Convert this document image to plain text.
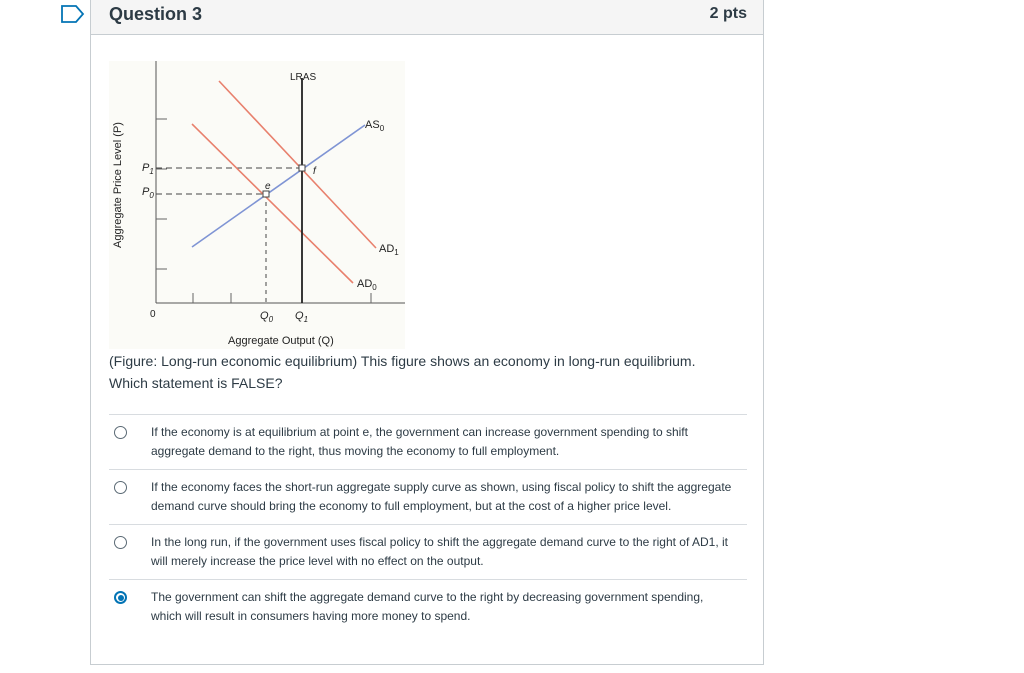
Question 3	2 pts
LRAS
$AS_0$
$AD_1$
$AD_0$
$P_1$
$P_0$
$Q_0$ $Q_1$
e
f
0
Aggregate Output (Q)
Aggregate Price Level (P)
(Figure: Long-run economic equilibrium) This figure shows an economy in long-run equilibrium.
Which statement is FALSE?
If the economy is at equilibrium at point e, the government can increase government spending to shift aggregate demand to the right, thus moving the economy to full employment.
If the economy faces the short-run aggregate supply curve as shown, using fiscal policy to shift the aggregate demand curve should bring the economy to full employment, but at the cost of a higher price level.
In the long run, if the government uses fiscal policy to shift the aggregate demand curve to the right of AD1, it will merely increase the price level with no effect on the output.
The government can shift the aggregate demand curve to the right by decreasing government spending, which will result in consumers having more money to spend.
